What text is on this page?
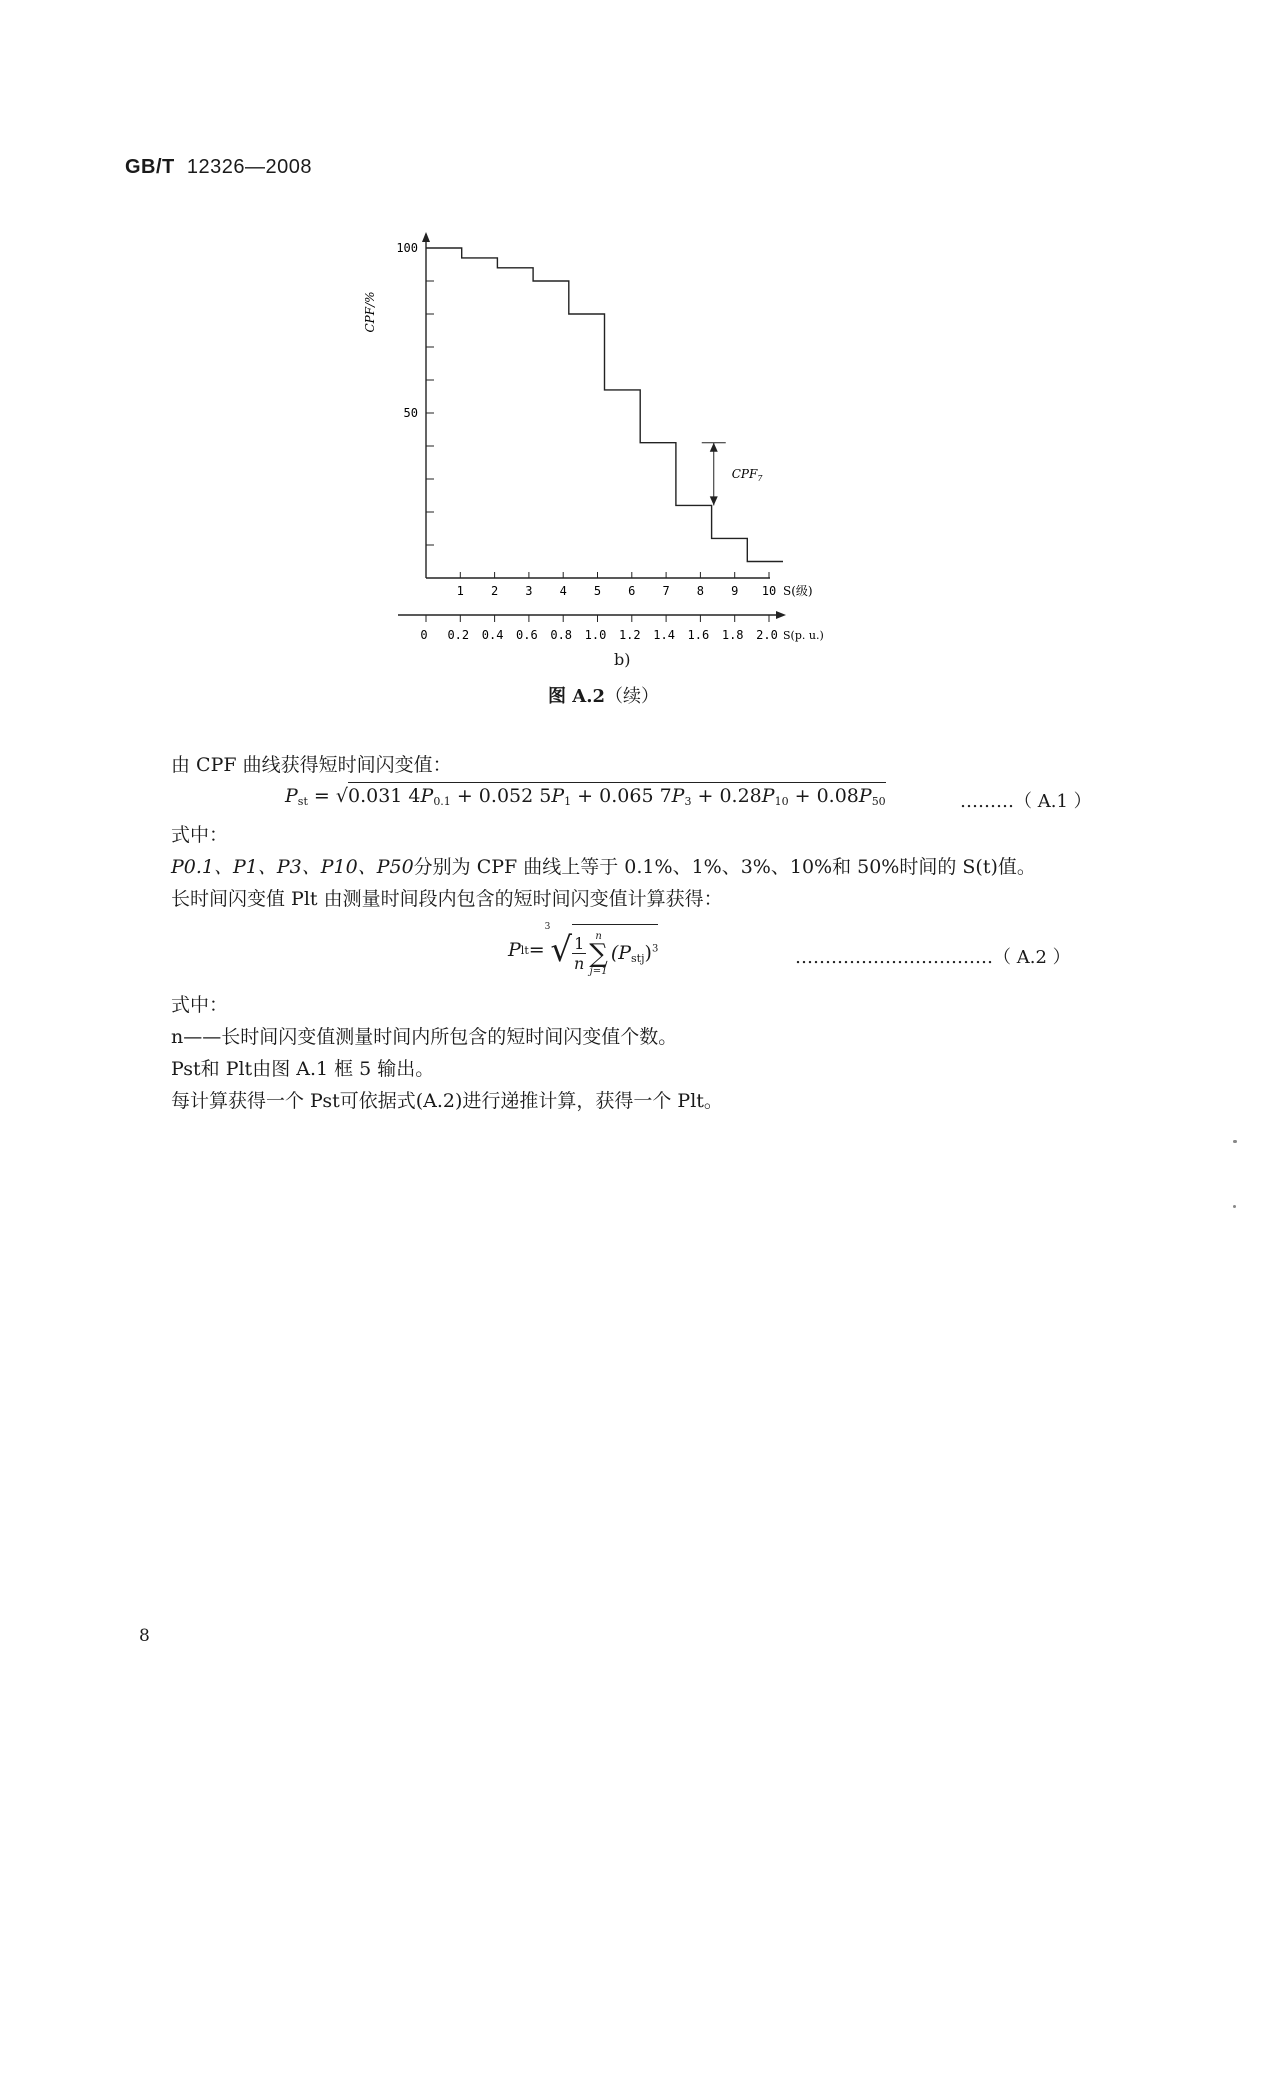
GB/T 12326—2008
100
50
CPF/%
1 2 3 4 5 6 7 8 9 10 S(级)
0 0.2 0.4 0.6 0.8 1.0 1.2 1.4 1.6 1.8 2.0 S(p. u.)
$CPF_7$
b)
图 A.2（续）
由 CPF 曲线获得短时间闪变值：
$P_{st} = √0.031$ $4P_{0.1} + 0.052$ $5P_1 + 0.065$ $7P_3 + 0.28P_{10} + 0.08P_{50}$	………（ A.1 ）
式中：
P0.1、P1、P3、P10、P50分别为 CPF 曲线上等于 0.1%、1%、3%、10%和 50%时间的 S(t)值。
长时间闪变值 Plt 由测量时间段内包含的短时间闪变值计算获得：
P lt =
3
√ $\frac{1}{n}$ n
∑
j=1
$(P_{stj})^3$	……………………………（ A.2 ）
式中：
n——长时间闪变值测量时间内所包含的短时间闪变值个数。
Pst和 Plt由图 A.1 框 5 输出。
每计算获得一个 Pst可依据式(A.2)进行递推计算，获得一个 Plt。
8
